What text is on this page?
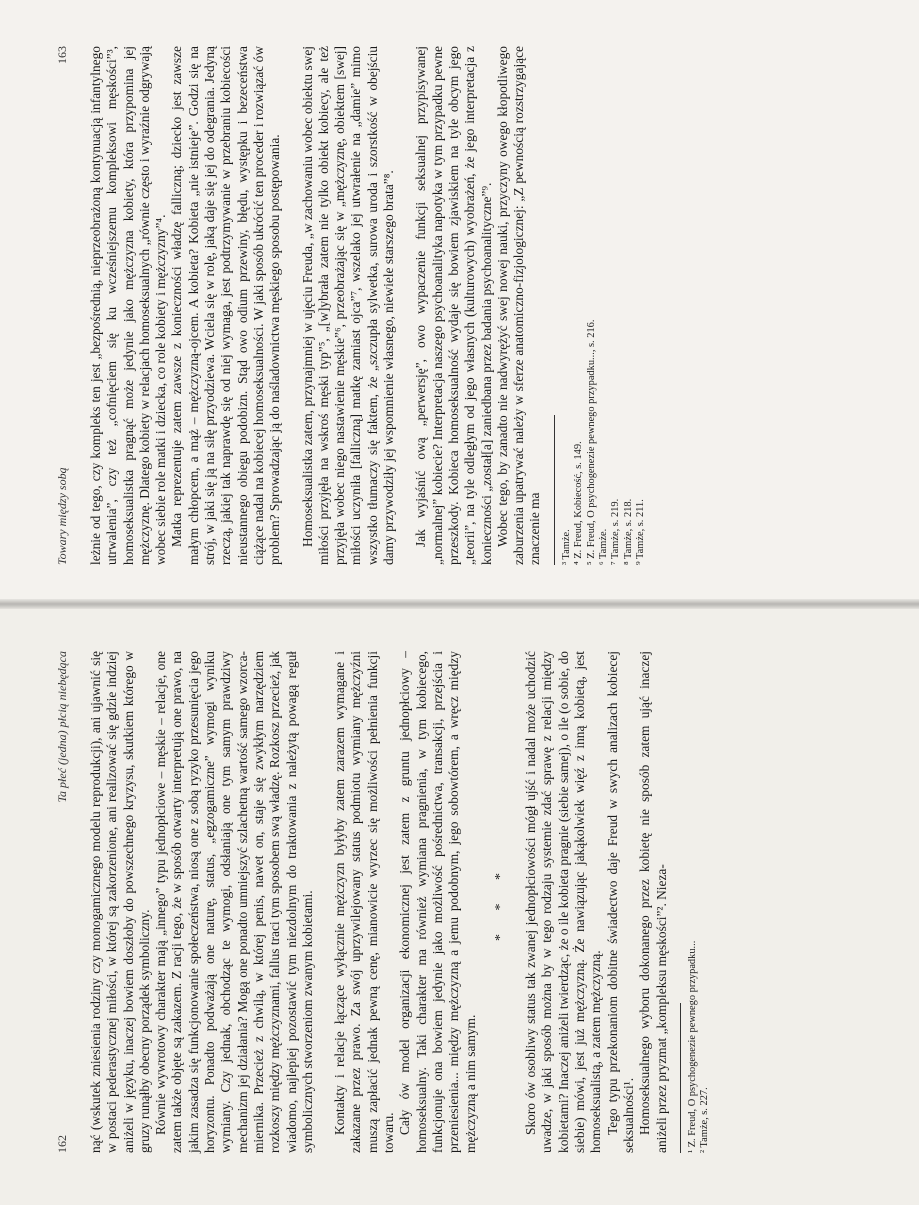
162
Ta płeć (jedna) płcią niebędąca nąć (wskutek zniesienia rodziny czy monogamicznego modelu reprodukcji), ani ujawnić się w postaci pederastycznej miłości, w której są zakorzenione, ani realizować się gdzie indziej aniżeli w języku, inaczej bowiem doszłoby do powszechnego kryzysu, skutkiem którego w gruzy runąłby obecny porządek symboliczny. Równie wywrotowy charakter mają „innego” typu jednopłciowe – męskie – relacje, one zatem także objęte są zakazem. Z racji tego, że w sposób otwarty interpretują one prawo, na jakim zasadza się funkcjonowanie społeczeństwa, niosą one z sobą ryzyko przesunięcia jego horyzontu. Ponadto podważają one naturę, status, „egzogamiczne” wymogi wyniku wymiany. Czy jednak, obchodząc te wymogi, odsłaniają one tym samym prawdziwy mechanizm jej działania? Mogą one ponadto umniejszyć szlachetną wartość samego wzorca-miernika. Przecież z chwilą, w której penis, nawet on, staje się zwykłym narzędziem rozkoszy między mężczyznami, fallus traci tym sposobem swą władzę. Rozkosz przecież, jak wiadomo, najlepiej pozostawić tym niezdolnym do traktowania z należytą powagą reguł symbolicznych stworzeniom zwanym kobietami. Kontakty i relacje łączące wyłącznie mężczyzn byłyby zatem zarazem wymagane i zakazane przez prawo. Za swój uprzywilejowany status podmiotu wymiany mężczyźni muszą zapłacić jednak pewną cenę, mianowicie wyrzec się możliwości pełnienia funkcji towaru. Cały ów model organizacji ekonomicznej jest zatem z gruntu jednopłciowy – homoseksualny. Taki charakter ma również wymiana pragnienia, w tym kobiecego, funkcjonuje ona bowiem jedynie jako możliwość pośrednictwa, transakcji, przejścia i przeniesienia... między mężczyzną a jemu podobnym, jego sobowtórem, a wręcz między mężczyzną a nim samym.

* * * Skoro ów osobliwy status tak zwanej jednopłciowości mógł ujść i nadal może uchodzić uwadze, w jaki sposób można by w tego rodzaju systemie zdać sprawę z relacji między kobietami? Inaczej aniżeli twierdząc, że o ile kobieta pragnie (siebie samej), o ile (o sobie, do siebie) mówi, jest już mężczyzną. Że nawiązując jakąkolwiek więź z inną kobietą, jest homoseksualistą, a zatem mężczyzną. Tego typu przekonaniom dobitne świadectwo daje Freud w swych analizach kobiecej seksualności¹. Homoseksualnego wyboru dokonanego przez kobietę nie sposób zatem ująć inaczej aniżeli przez pryzmat „kompleksu męskości”². Nieza- ¹ Z. Freud, O psychogenezie pewnego przypadku... ² Tamże, s. 227.
Towary między sobą
163 leżnie od tego, czy kompleks ten jest „bezpośrednią, nieprzeobrażoną kontynuacją infantylnego utrwalenia”, czy też „cofnięciem się ku wcześniejszemu kompleksowi męskości”³, homoseksualistka pragnąć może jedynie jako mężczyzna kobiety, która przypomina jej mężczyznę. Dlatego kobiety w relacjach homoseksualnych „równie często i wyraźnie odgrywają wobec siebie role matki i dziecka, co role kobiety i mężczyzny”⁴. Matka reprezentuje zatem zawsze z konieczności władzę falliczną; dziecko jest zawsze małym chłopcem, a mąż – mężczyzną-ojcem. A kobieta? Kobieta „nie istnieje”. Godzi się na strój, w jaki się ją na siłę przyodziewa. Wciela się w rolę, jaką daje się jej do odegrania. Jedyną rzeczą, jakiej tak naprawdę się od niej wymaga, jest podtrzymywanie w przebraniu kobiecości nieustannego obiegu podobizn. Stąd owo odium przewiny, błędu, występku i bezeceństwa ciążące nadal na kobiecej homoseksualności. W jaki sposób ukrócić ten proceder i rozwiązać ów problem? Sprowadzając ją do naśladownictwa męskiego sposobu postępowania. Homoseksualistka zatem, przynajmniej w ujęciu Freuda, „w zachowaniu wobec obiektu swej miłości przyjęła na wskroś męski typ”⁵, „[w]ybrała zatem nie tylko obiekt kobiecy, ale też przyjęła wobec niego nastawienie męskie”⁶, przeobrażając się w „mężczyznę, obiektem [swej] miłości uczyniła [falliczną] matkę zamiast ojca”⁷, wszelako jej utwrałenie na „damie” mimo wszystko tłumaczy się faktem, że „szczupła sylwetka, surowa uroda i szorstkość w obejściu damy przywodziły jej wspomnienie własnego, niewiele starszego brata”⁸. Jak wyjaśnić ową „perwersję”, owo wypaczenie funkcji seksualnej przypisywanej „normalnej” kobiecie? Interpretacja naszego psychoanalityka napotyka w tym przypadku pewne przeszkody. Kobieca homoseksualność wydaje się bowiem zjawiskiem na tyle obcym jego „teorii”, na tyle odległym od jego własnych (kulturowych) wyobrażeń, że jego interpretacja z konieczności „został[a] zaniedbana przez badania psychoanalityczne”⁹. Wobec tego, by zanadto nie nadwyrężyć swej nowej nauki, przyczyny owego kłopotliwego zaburzenia upatrywać należy w sferze anatomiczno-fizjologicznej: „Z pewnością rozstrzygające znaczenie ma ³ Tamże. ⁴ Z. Freud, Kobiecość, s. 149. ⁵ Z. Freud, O psychogenezie pewnego przypadku..., s. 216. ⁶ Tamże. ⁷ Tamże, s. 219. ⁸ Tamże, s. 218. ⁹ Tamże, s. 211.
